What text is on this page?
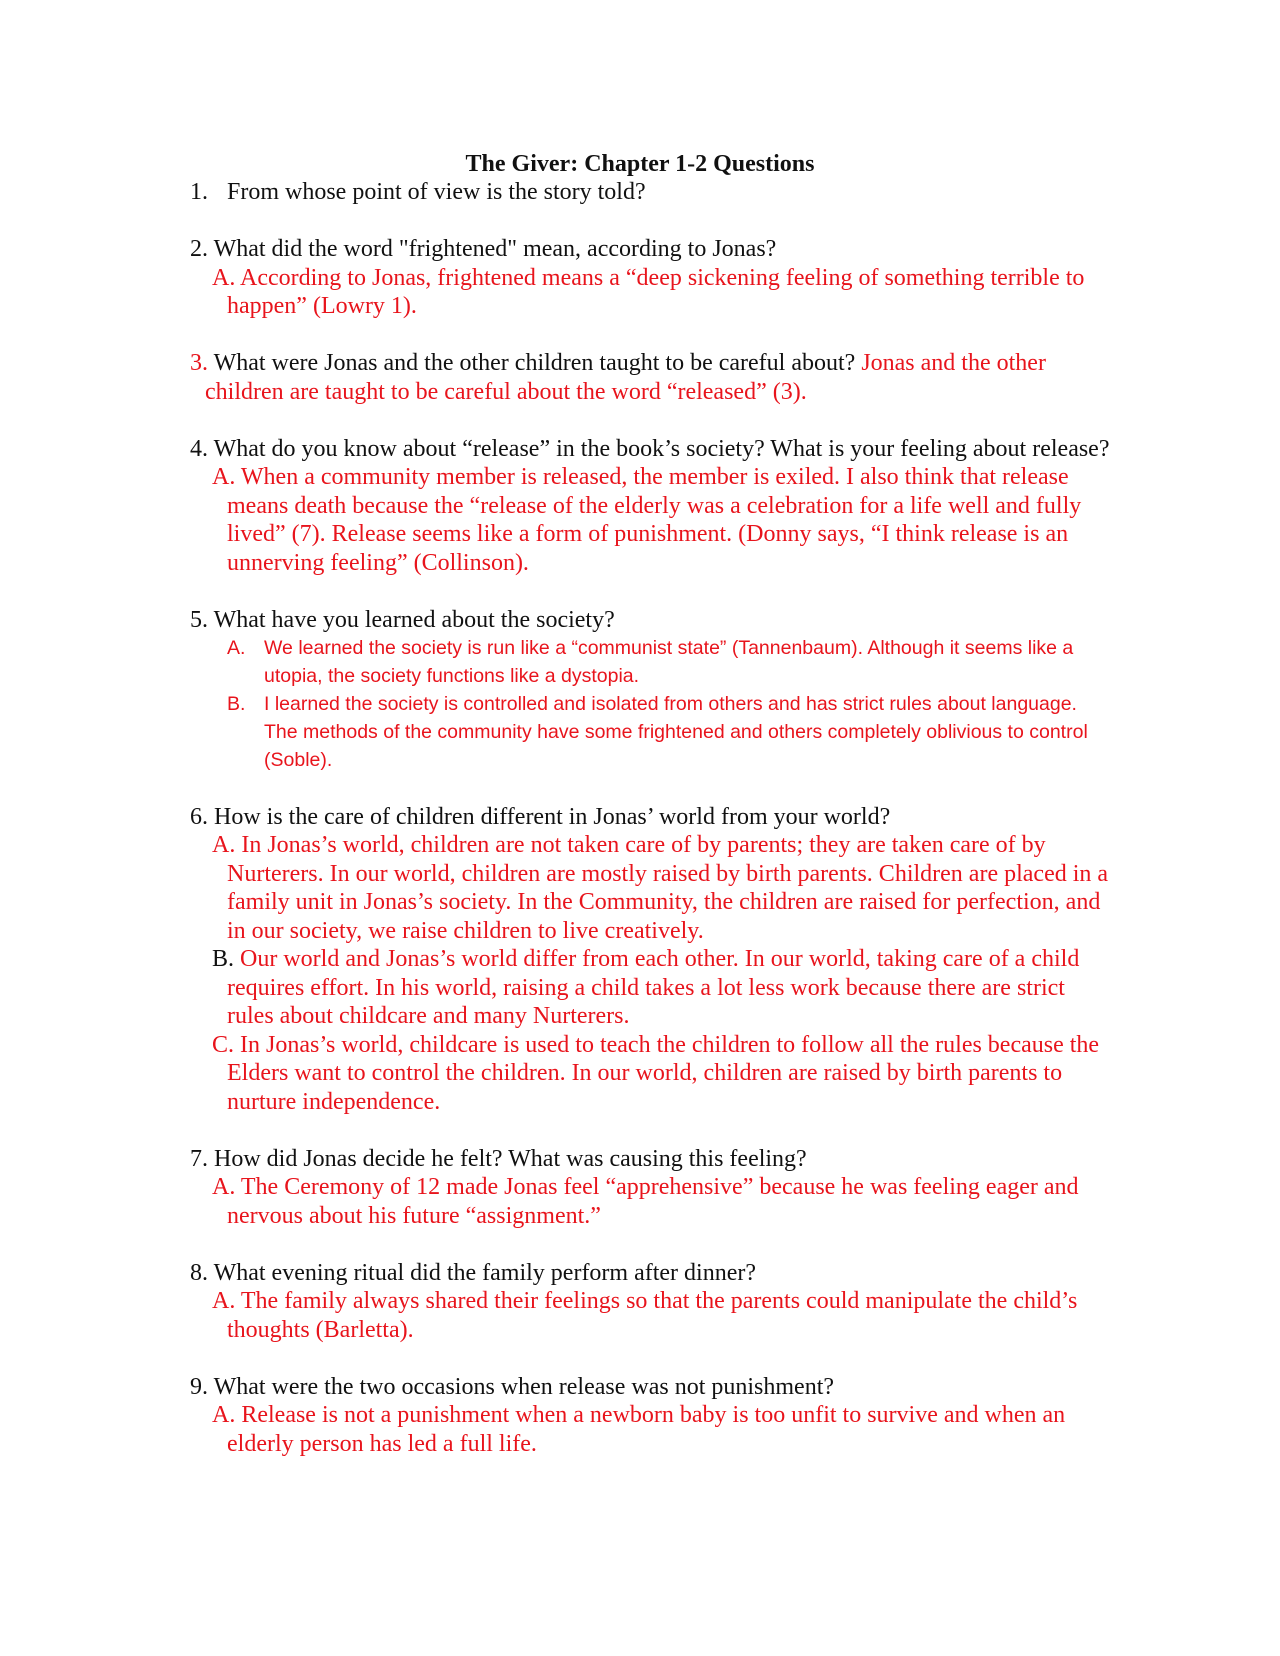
The Giver: Chapter 1-2 Questions

1. From whose point of view is the story told?

2. What did the word "frightened" mean, according to Jonas?

A. According to Jonas, frightened means a “deep sickening feeling of something terrible to happen” (Lowry 1).

3. What were Jonas and the other children taught to be careful about? Jonas and the other children are taught to be careful about the word “released” (3).

4. What do you know about “release” in the book’s society? What is your feeling about release?

A. When a community member is released, the member is exiled. I also think that release means death because the “release of the elderly was a celebration for a life well and fully lived” (7). Release seems like a form of punishment. (Donny says, “I think release is an unnerving feeling” (Collinson).

5. What have you learned about the society?

A. We learned the society is run like a “communist state” (Tannenbaum). Although it seems like a utopia, the society functions like a dystopia.

B. I learned the society is controlled and isolated from others and has strict rules about language. The methods of the community have some frightened and others completely oblivious to control (Soble).

6. How is the care of children different in Jonas’ world from your world?

A. In Jonas’s world, children are not taken care of by parents; they are taken care of by Nurterers. In our world, children are mostly raised by birth parents. Children are placed in a family unit in Jonas’s society. In the Community, the children are raised for perfection, and in our society, we raise children to live creatively.

B. Our world and Jonas’s world differ from each other. In our world, taking care of a child requires effort. In his world, raising a child takes a lot less work because there are strict rules about childcare and many Nurterers.

C. In Jonas’s world, childcare is used to teach the children to follow all the rules because the Elders want to control the children. In our world, children are raised by birth parents to nurture independence.

7. How did Jonas decide he felt? What was causing this feeling?

A. The Ceremony of 12 made Jonas feel “apprehensive” because he was feeling eager and nervous about his future “assignment.”

8. What evening ritual did the family perform after dinner?

A. The family always shared their feelings so that the parents could manipulate the child’s thoughts (Barletta).

9. What were the two occasions when release was not punishment?

A. Release is not a punishment when a newborn baby is too unfit to survive and when an elderly person has led a full life.
